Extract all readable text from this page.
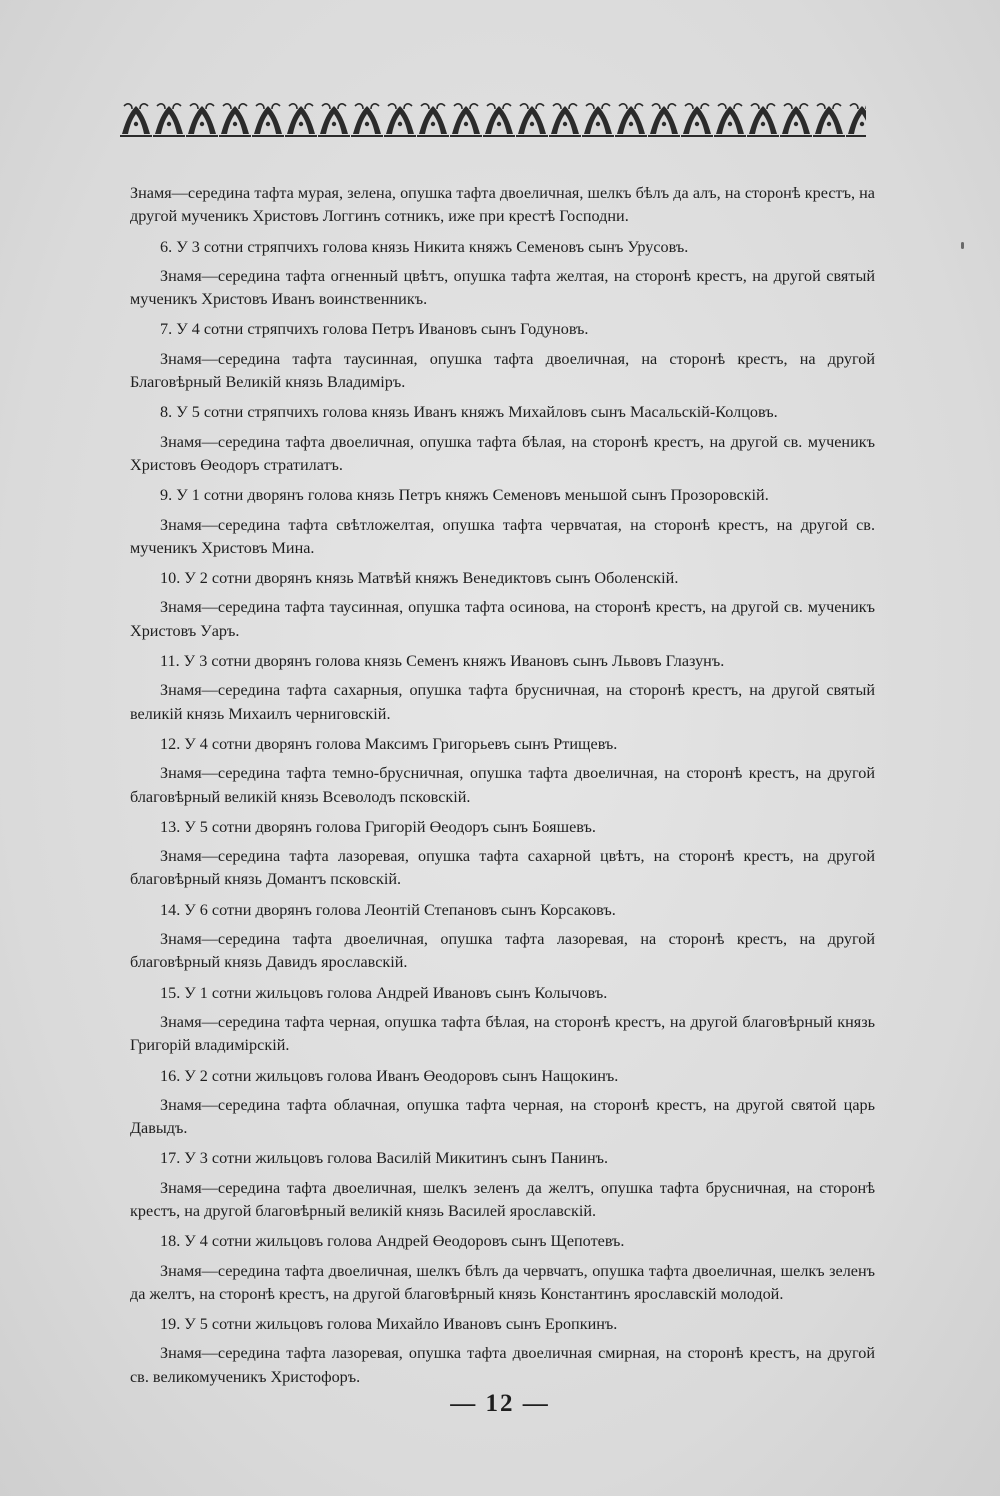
Знамя—середина тафта мурая, зелена, опушка тафта двоеличная, шелкъ бѣлъ да алъ, на сторонѣ крестъ, на другой мученикъ Христовъ Логгинъ сотникъ, иже при крестѣ Господни.

6. У 3 сотни стряпчихъ голова князь Никита княжъ Семеновъ сынъ Урусовъ.

Знамя—середина тафта огненный цвѣтъ, опушка тафта желтая, на сторонѣ крестъ, на другой святый мученикъ Христовъ Иванъ воинственникъ.

7. У 4 сотни стряпчихъ голова Петръ Ивановъ сынъ Годуновъ.

Знамя—середина тафта таусинная, опушка тафта двоеличная, на сторонѣ крестъ, на другой Благовѣрный Великій князь Владиміръ.

8. У 5 сотни стряпчихъ голова князь Иванъ княжъ Михайловъ сынъ Масальскій-Колцовъ.

Знамя—середина тафта двоеличная, опушка тафта бѣлая, на сторонѣ крестъ, на другой св. мученикъ Христовъ Өеодоръ стратилатъ.

9. У 1 сотни дворянъ голова князь Петръ княжъ Семеновъ меньшой сынъ Прозоровскій.

Знамя—середина тафта свѣтложелтая, опушка тафта червчатая, на сторонѣ крестъ, на другой св. мученикъ Христовъ Мина.

10. У 2 сотни дворянъ князь Матвѣй княжъ Венедиктовъ сынъ Оболенскій.

Знамя—середина тафта таусинная, опушка тафта осинова, на сторонѣ крестъ, на другой св. мученикъ Христовъ Уаръ.

11. У 3 сотни дворянъ голова князь Семенъ княжъ Ивановъ сынъ Львовъ Глазунъ.

Знамя—середина тафта сахарныя, опушка тафта брусничная, на сторонѣ крестъ, на другой святый великій князь Михаилъ черниговскій.

12. У 4 сотни дворянъ голова Максимъ Григорьевъ сынъ Ртищевъ.

Знамя—середина тафта темно-брусничная, опушка тафта двоеличная, на сторонѣ крестъ, на другой благовѣрный великій князь Всеволодъ псковскій.

13. У 5 сотни дворянъ голова Григорій Өеодоръ сынъ Бояшевъ.

Знамя—середина тафта лазоревая, опушка тафта сахарной цвѣтъ, на сторонѣ крестъ, на другой благовѣрный князь Домантъ псковскій.

14. У 6 сотни дворянъ голова Леонтій Степановъ сынъ Корсаковъ.

Знамя—середина тафта двоеличная, опушка тафта лазоревая, на сторонѣ крестъ, на другой благовѣрный князь Давидъ ярославскій.

15. У 1 сотни жильцовъ голова Андрей Ивановъ сынъ Колычовъ.

Знамя—середина тафта черная, опушка тафта бѣлая, на сторонѣ крестъ, на другой благовѣрный князь Григорій владимірскій.

16. У 2 сотни жильцовъ голова Иванъ Өеодоровъ сынъ Нащокинъ.

Знамя—середина тафта облачная, опушка тафта черная, на сторонѣ крестъ, на другой святой царь Давыдъ.

17. У 3 сотни жильцовъ голова Василій Микитинъ сынъ Панинъ.

Знамя—середина тафта двоеличная, шелкъ зеленъ да желтъ, опушка тафта брусничная, на сторонѣ крестъ, на другой благовѣрный великій князь Василей ярославскій.

18. У 4 сотни жильцовъ голова Андрей Өеодоровъ сынъ Щепотевъ.

Знамя—середина тафта двоеличная, шелкъ бѣлъ да червчатъ, опушка тафта двоеличная, шелкъ зеленъ да желтъ, на сторонѣ крестъ, на другой благовѣрный князь Константинъ ярославскій молодой.

19. У 5 сотни жильцовъ голова Михайло Ивановъ сынъ Еропкинъ.

Знамя—середина тафта лазоревая, опушка тафта двоеличная смирная, на сторонѣ крестъ, на другой св. великомученикъ Христофоръ.

— 12 —
